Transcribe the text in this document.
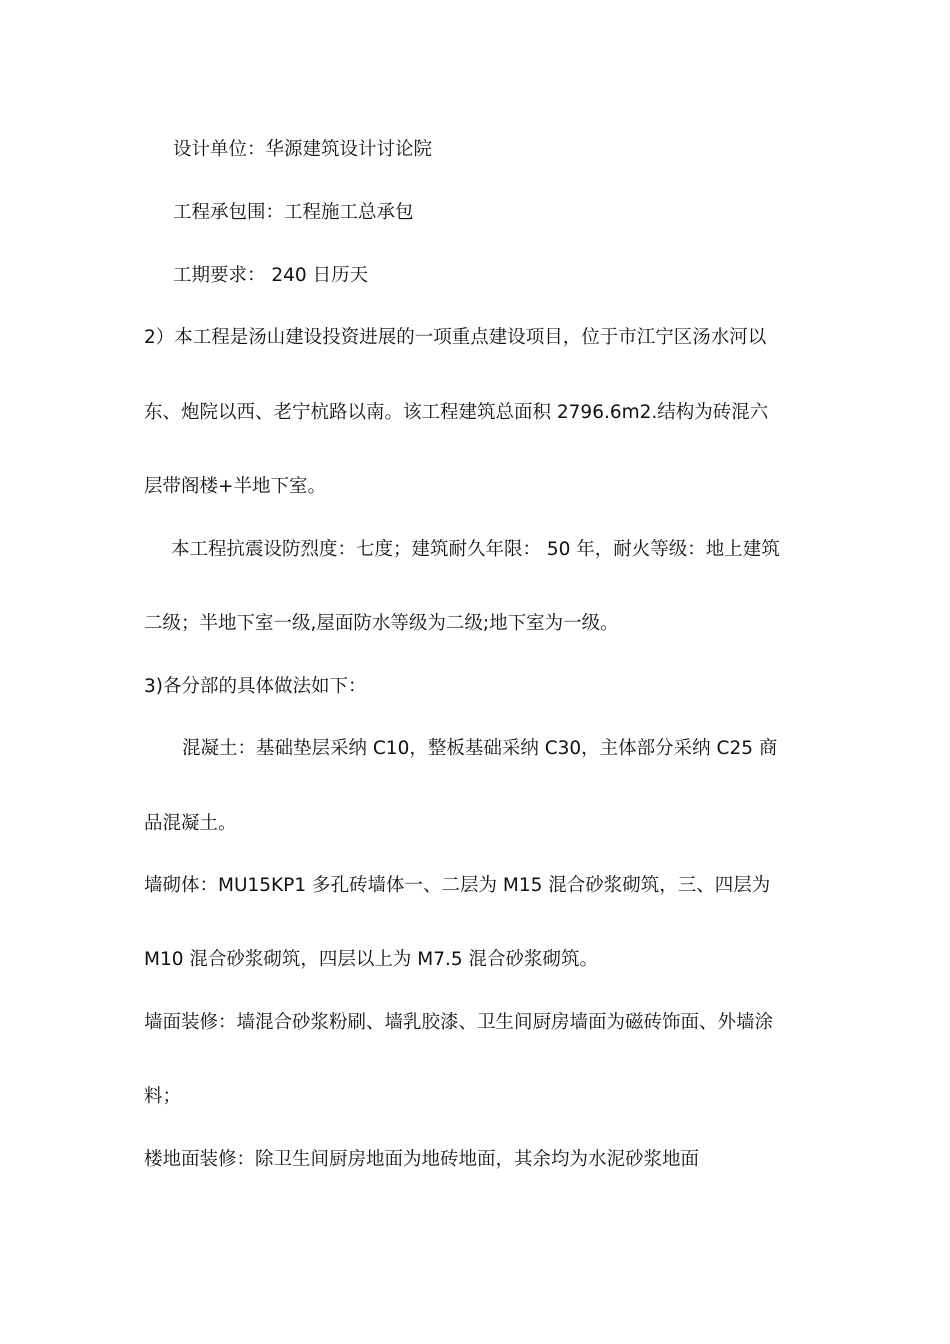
设计单位：华源建筑设计讨论院
工程承包围：工程施工总承包
工期要求： 240 日历天
2）本工程是汤山建设投资进展的一项重点建设项目，位于市江宁区汤水河以
东、炮院以西、老宁杭路以南。该工程建筑总面积 2796.6m2.结构为砖混六
层带阁楼+半地下室。
本工程抗震设防烈度：七度；建筑耐久年限： 50 年，耐火等级：地上建筑
二级；半地下室一级,屋面防水等级为二级;地下室为一级。
3)各分部的具体做法如下：
混凝土：基础垫层采纳 C10，整板基础采纳 C30，主体部分采纳 C25 商
品混凝土。
墙砌体：MU15KP1 多孔砖墙体一、二层为 M15 混合砂浆砌筑，三、四层为
M10 混合砂浆砌筑，四层以上为 M7.5 混合砂浆砌筑。
墙面装修：墙混合砂浆粉刷、墙乳胶漆、卫生间厨房墙面为磁砖饰面、外墙涂
料；
楼地面装修：除卫生间厨房地面为地砖地面，其余均为水泥砂浆地面
